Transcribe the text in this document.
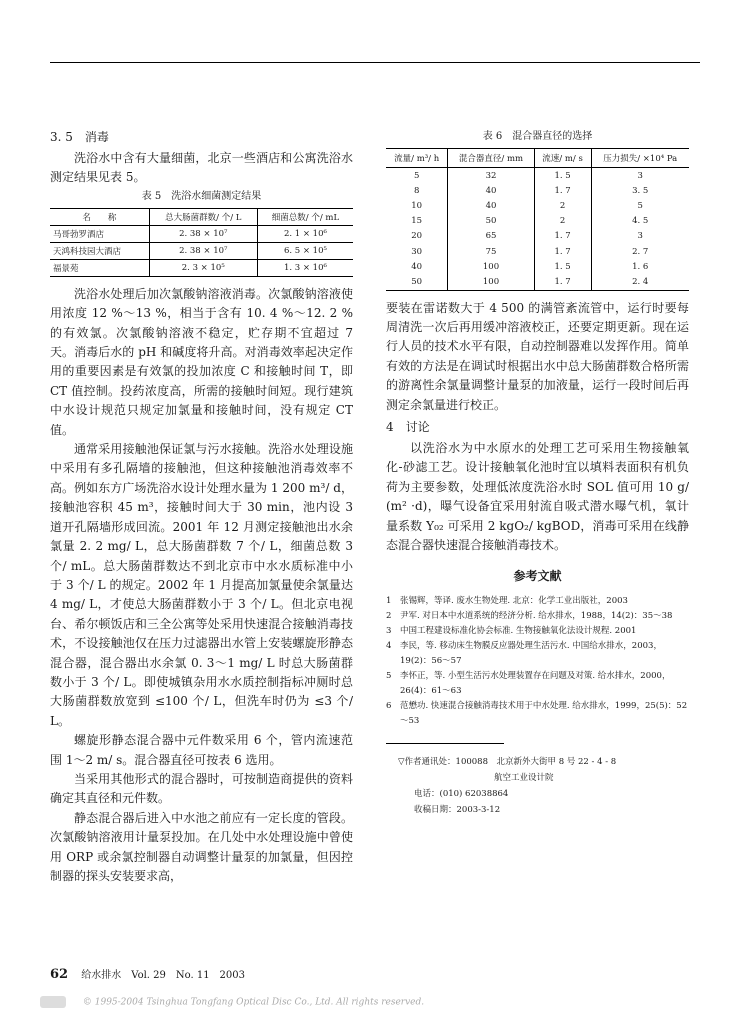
3. 5　消毒

洗浴水中含有大量细菌，北京一些酒店和公寓洗浴水测定结果见表 5。

表 5　洗浴水细菌测定结果
名　　称	总大肠菌群数/ 个/ L	细菌总数/ 个/ mL
马哥勃罗酒店	2. 38 × 10⁷	2. 1 × 10⁶
天鸿科技园大酒店	2. 38 × 10⁷	6. 5 × 10⁵
福景苑	2. 3 × 10⁵	1. 3 × 10⁶

洗浴水处理后加次氯酸钠溶液消毒。次氯酸钠溶液使用浓度 12 %～13 %，相当于含有 10. 4 %～12. 2 %的有效氯。次氯酸钠溶液不稳定，贮存期不宜超过 7 天。消毒后水的 pH 和碱度将升高。对消毒效率起决定作用的重要因素是有效氯的投加浓度 C 和接触时间 T，即 CT 值控制。投药浓度高，所需的接触时间短。现行建筑中水设计规范只规定加氯量和接触时间，没有规定 CT 值。

通常采用接触池保证氯与污水接触。洗浴水处理设施中采用有多孔隔墙的接触池，但这种接触池消毒效率不高。例如东方广场洗浴水设计处理水量为 1 200 m³/ d，接触池容积 45 m³，接触时间大于 30 min，池内设 3 道开孔隔墙形成回流。2001 年 12 月测定接触池出水余氯量 2. 2 mg/ L，总大肠菌群数 7 个/ L，细菌总数 3 个/ mL。总大肠菌群数达不到北京市中水水质标准中小于 3 个/ L 的规定。2002 年 1 月提高加氯量使余氯量达 4 mg/ L，才使总大肠菌群数小于 3 个/ L。但北京电视台、希尔顿饭店和三全公寓等处采用快速混合接触消毒技术，不设接触池仅在压力过滤器出水管上安装螺旋形静态混合器，混合器出水余氯 0. 3～1 mg/ L 时总大肠菌群数小于 3 个/ L。即使城镇杂用水水质控制指标冲厕时总大肠菌群数放宽到 ≤100 个/ L，但洗车时仍为 ≤3 个/ L。

螺旋形静态混合器中元件数采用 6 个，管内流速范围 1～2 m/ s。混合器直径可按表 6 选用。

当采用其他形式的混合器时，可按制造商提供的资料确定其直径和元件数。

静态混合器后进入中水池之前应有一定长度的管段。次氯酸钠溶液用计量泵投加。在几处中水处理设施中曾使用 ORP 或余氯控制器自动调整计量泵的加氯量，但因控制器的探头安装要求高，

表 6　混合器直径的选择
流量/ m³/ h	混合器直径/ mm	流速/ m/ s	压力损失/ ×10⁴ Pa
5	32	1. 5	3
8	40	1. 7	3. 5
10	40	2	5
15	50	2	4. 5
20	65	1. 7	3
30	75	1. 7	2. 7
40	100	1. 5	1. 6
50	100	1. 7	2. 4

要装在雷诺数大于 4 500 的满管紊流管中，运行时要每周清洗一次后再用缓冲溶液校正，还要定期更新。现在运行人员的技术水平有限，自动控制器难以发挥作用。简单有效的方法是在调试时根据出水中总大肠菌群数合格所需的游离性余氯量调整计量泵的加液量，运行一段时间后再测定余氯量进行校正。

4　讨论

以洗浴水为中水原水的处理工艺可采用生物接触氧化-砂滤工艺。设计接触氧化池时宜以填料表面积有机负荷为主要参数，处理低浓度洗浴水时 SOL 值可用 10 g/ (m² ·d)，曝气设备宜采用射流自吸式潜水曝气机，氧计量系数 Y₀₂ 可采用 2 kgO₂/ kgBOD，消毒可采用在线静态混合器快速混合接触消毒技术。

参考文献
1	张锡辉，等译. 废水生物处理. 北京：化学工业出版社，2003
2	尹军. 对日本中水道系统的经济分析. 给水排水，1988，14(2)：35～38
3	中国工程建设标准化协会标准. 生物接触氧化法设计规程. 2001
4	李民，等. 移动床生物膜反应器处理生活污水. 中国给水排水，2003，19(2)：56～57
5	李怀正，等. 小型生活污水处理装置存在问题及对策. 给水排水，2000，26(4)：61～63
6	范懋功. 快速混合接触消毒技术用于中水处理. 给水排水，1999，25(5)：52～53
▽作者通讯处：100088　北京新外大街甲 8 号 22 - 4 - 8
航空工业设计院
电话：(010) 62038864
收稿日期：2003-3-12
62 给水排水　Vol. 29　No. 11　2003
© 1995-2004 Tsinghua Tongfang Optical Disc Co., Ltd. All rights reserved.
